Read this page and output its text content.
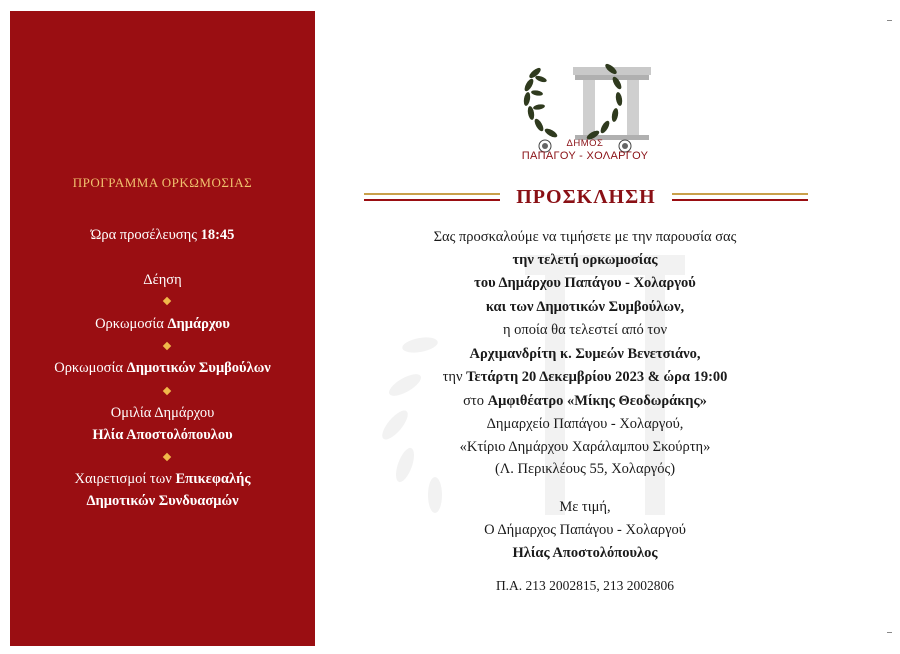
ΠΡΟΓΡΑΜΜΑ ΟΡΚΩΜΟΣΙΑΣ
Ώρα προσέλευσης 18:45
Δέηση
Ορκωμοσία Δημάρχου
Ορκωμοσία Δημοτικών Συμβούλων
Ομιλία Δημάρχου
Ηλία Αποστολόπουλου
Χαιρετισμοί των Επικεφαλής
Δημοτικών Συνδυασμών
ΔΗΜΟΣ
ΠΑΠΑΓΟΥ - ΧΟΛΑΡΓΟΥ
ΠΡΟΣΚΛΗΣΗ
Σας προσκαλούμε να τιμήσετε με την παρουσία σας
την τελετή ορκωμοσίας
του Δημάρχου Παπάγου - Χολαργού
και των Δημοτικών Συμβούλων,
η οποία θα τελεστεί από τον
Αρχιμανδρίτη κ. Συμεών Βενετσιάνο,
την Τετάρτη 20 Δεκεμβρίου 2023 & ώρα 19:00
στο Αμφιθέατρο «Μίκης Θεοδωράκης»
Δημαρχείο Παπάγου - Χολαργού,
«Κτίριο Δημάρχου Χαράλαμπου Σκούρτη»
(Λ. Περικλέους 55, Χολαργός)
Με τιμή,
Ο Δήμαρχος Παπάγου - Χολαργού
Ηλίας Αποστολόπουλος
Π.Α. 213 2002815, 213 2002806
